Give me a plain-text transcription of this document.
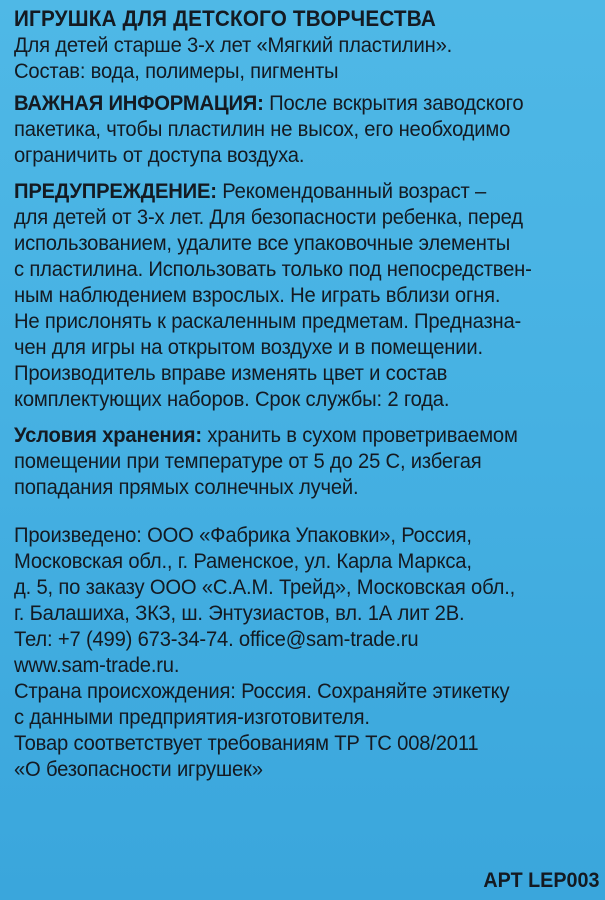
ИГРУШКА ДЛЯ ДЕТСКОГО ТВОРЧЕСТВА
Для детей старше 3-х лет «Мягкий пластилин».
Состав: вода, полимеры, пигменты
ВАЖНАЯ ИНФОРМАЦИЯ: После вскрытия заводского
пакетика, чтобы пластилин не высох, его необходимо
ограничить от доступа воздуха.
ПРЕДУПРЕЖДЕНИЕ: Рекомендованный возраст –
для детей от 3-х лет. Для безопасности ребенка, перед
использованием, удалите все упаковочные элементы
с пластилина. Использовать только под непосредствен-
ным наблюдением взрослых. Не играть вблизи огня.
Не прислонять к раскаленным предметам. Предназна-
чен для игры на открытом воздухе и в помещении.
Производитель вправе изменять цвет и состав
комплектующих наборов. Срок службы: 2 года.
Условия хранения: хранить в сухом проветриваемом
помещении при температуре от 5 до 25 С, избегая
попадания прямых солнечных лучей.
Произведено: ООО «Фабрика Упаковки», Россия,
Московская обл., г. Раменское, ул. Карла Маркса,
д. 5, по заказу ООО «С.А.М. Трейд», Московская обл.,
г. Балашиха, ЗКЗ, ш. Энтузиастов, вл. 1А лит 2В.
Тел: +7 (499) 673-34-74. office@sam-trade.ru
www.sam-trade.ru.
Страна происхождения: Россия. Сохраняйте этикетку
с данными предприятия-изготовителя.
Товар соответствует требованиям ТР ТС 008/2011
«О безопасности игрушек»
АРТ LEP003
